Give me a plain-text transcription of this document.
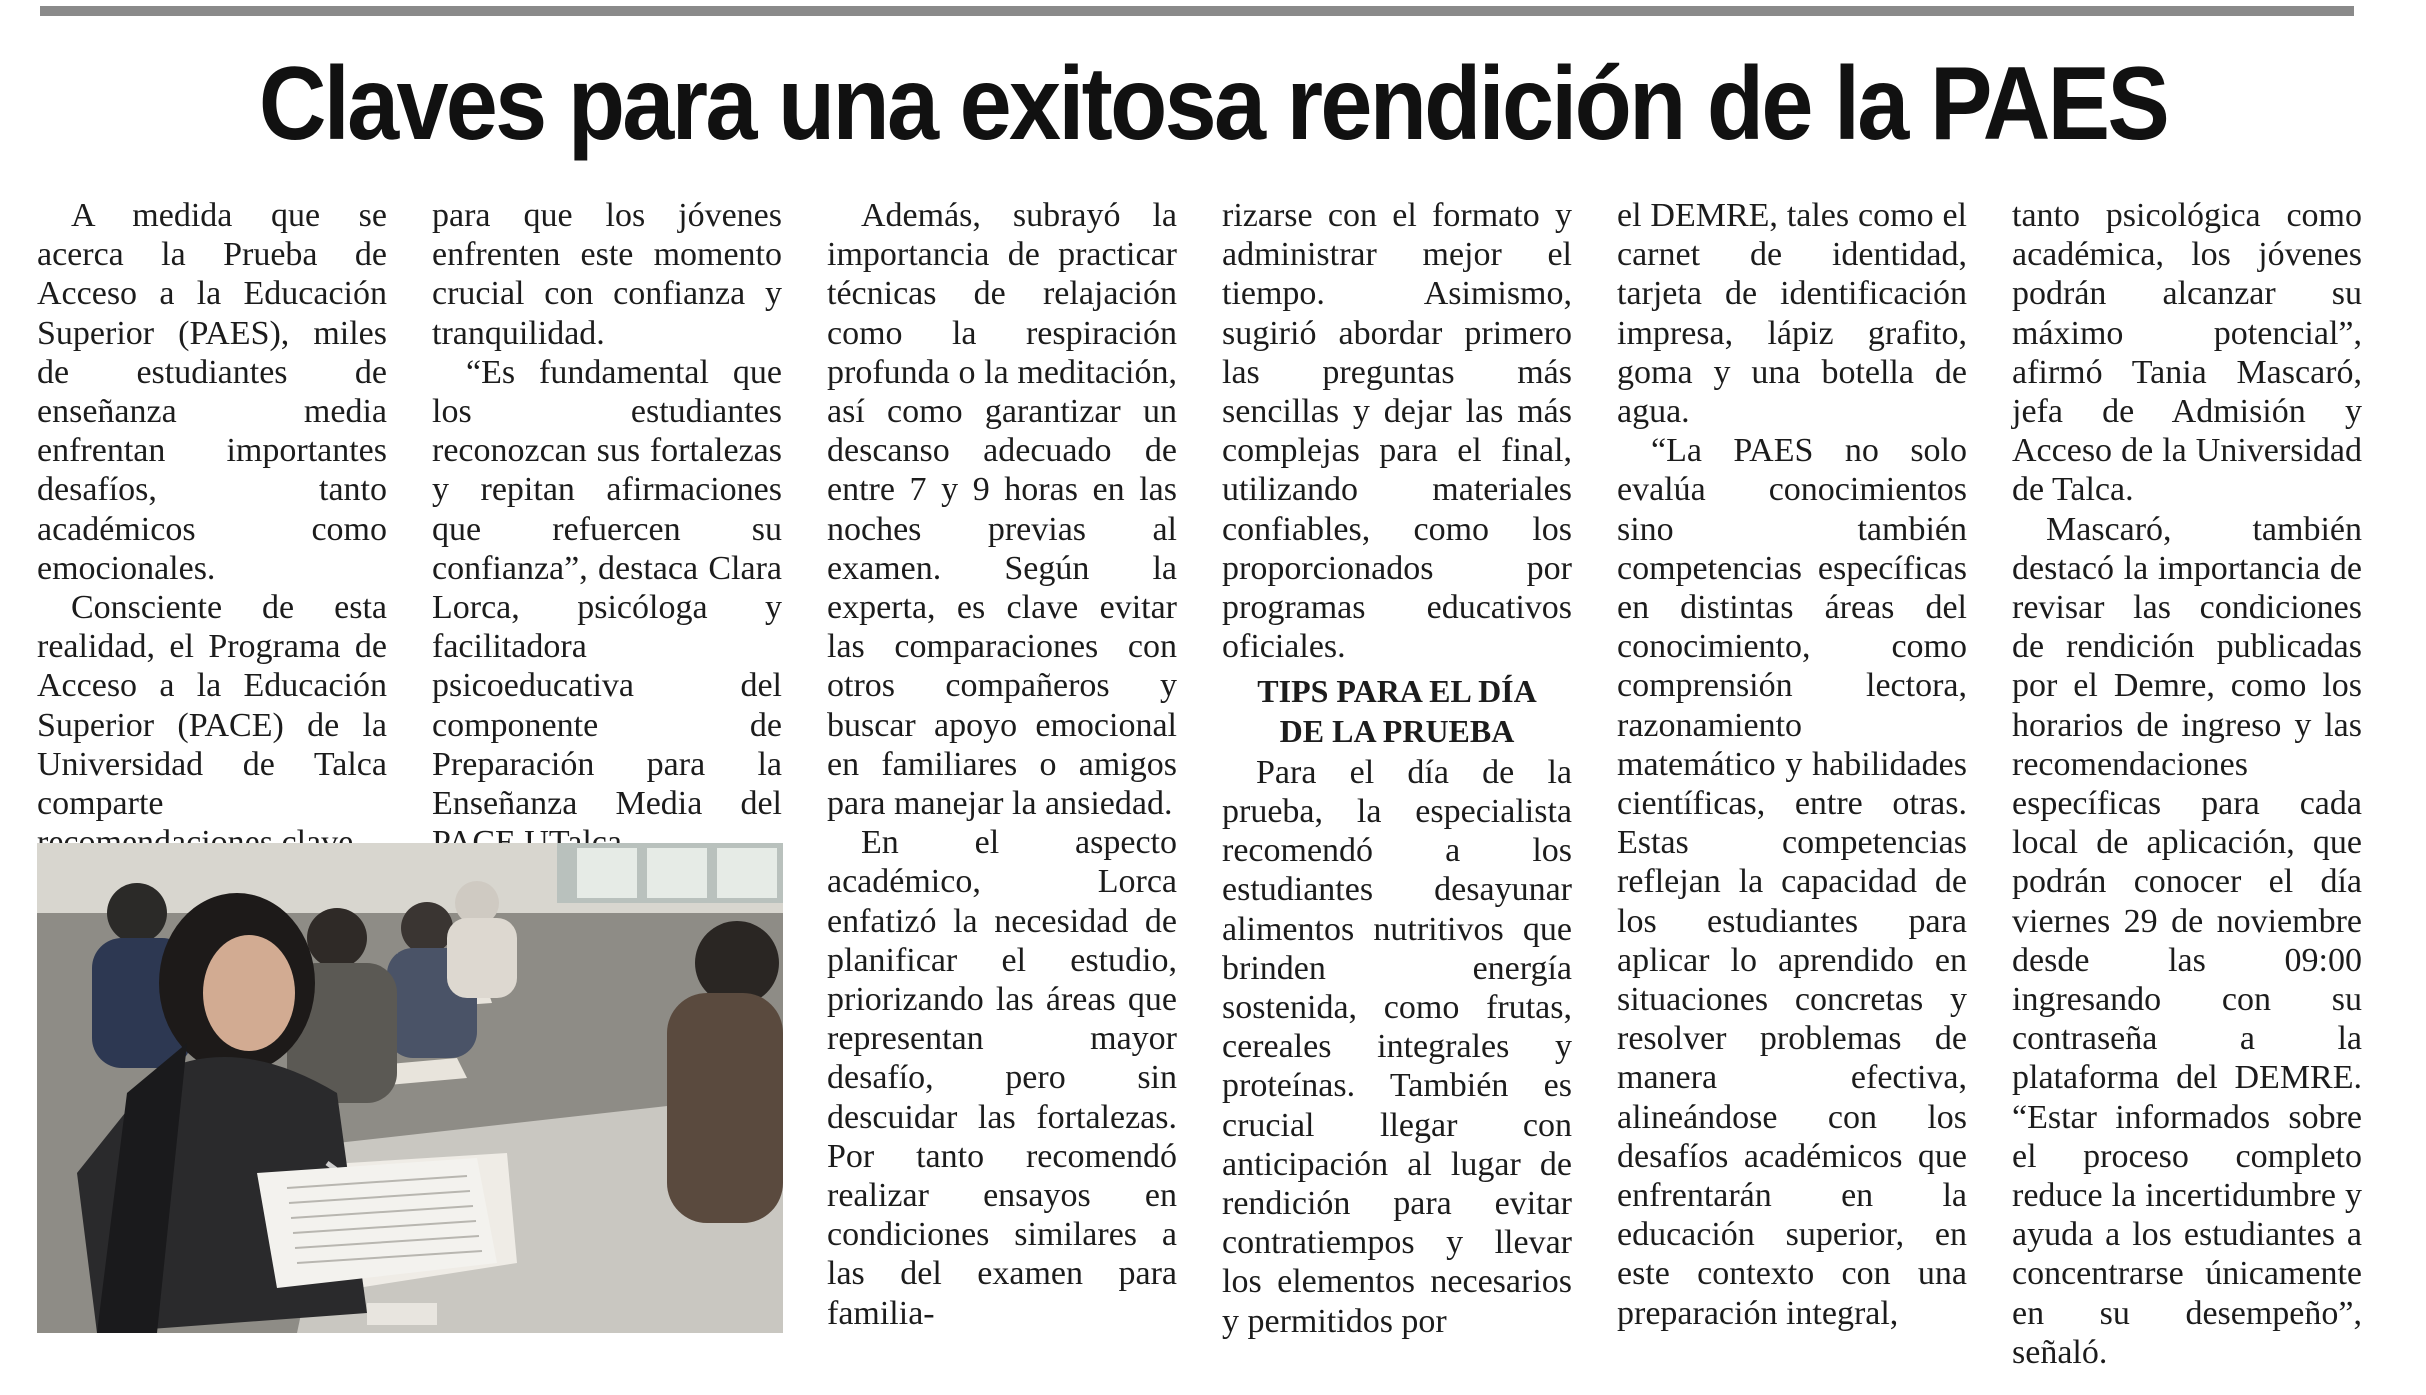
Claves para una exitosa rendición de la PAES

A medida que se acerca la Prueba de Acceso a la Educación Superior (PAES), miles de estudiantes de enseñanza media enfrentan importantes desafíos, tanto académicos como emocionales.

Consciente de esta realidad, el Programa de Acceso a la Educación Superior (PACE) de la Universidad de Talca comparte

para que los jóvenes enfrenten este momento crucial con confianza y tranquilidad.

“Es fundamental que los estudiantes reconozcan sus fortalezas y repitan afirmaciones que refuercen su confianza”, destaca Clara Lorca, psicóloga y facilitadora psicoeducativa del componente de Preparación para la Enseñanza Media del

Además, subrayó la importancia de practicar técnicas de relajación como la respiración profunda o la meditación, así como garantizar un descanso adecuado de entre 7 y 9 horas en las noches previas al examen. Según la experta, es clave evitar las comparaciones con otros compañeros y buscar apoyo emocional en familiares o amigos para manejar la ansiedad.

En el aspecto académico, Lorca enfatizó la necesidad de planificar el estudio, priorizando las áreas que representan mayor desafío, pero sin descuidar las fortalezas. Por tanto recomendó realizar ensayos en condiciones similares a las del examen para familia-

rizarse con el formato y administrar mejor el tiempo. Asimismo, sugirió abordar primero las preguntas más sencillas y dejar las más complejas para el final, utilizando materiales confiables, como los proporcionados por programas educativos oficiales.

TIPS PARA EL DÍA
DE LA PRUEBA

Para el día de la prueba, la especialista recomendó a los estudiantes desayunar alimentos nutritivos que brinden energía sostenida, como frutas, cereales integrales y proteínas. También es crucial llegar con anticipación al lugar de rendición para evitar contratiempos y llevar los elementos necesarios y permitidos por

el DEMRE, tales como el carnet de identidad, tarjeta de identificación impresa, lápiz grafito, goma y una botella de agua.

“La PAES no solo evalúa conocimientos sino también competencias específicas en distintas áreas del conocimiento, como comprensión lectora, razonamiento matemático y habilidades científicas, entre otras. Estas competencias reflejan la capacidad de los estudiantes para aplicar lo aprendido en situaciones concretas y resolver problemas de manera efectiva, alineándose con los desafíos académicos que enfrentarán en la educación superior, en este contexto con una preparación integral,

tanto psicológica como académica, los jóvenes podrán alcanzar su máximo potencial”, afirmó Tania Mascaró, jefa de Admisión y Acceso de la Universidad de Talca.

Mascaró, también destacó la importancia de revisar las condiciones de rendición publicadas por el Demre, como los horarios de ingreso y las recomendaciones específicas para cada local de aplicación, que podrán conocer el día viernes 29 de noviembre desde las 09:00 ingresando con su contraseña a la plataforma del DEMRE. “Estar informados sobre el proceso completo reduce la incertidumbre y ayuda a los estudiantes a concentrarse únicamente en su desempeño”, señaló.
